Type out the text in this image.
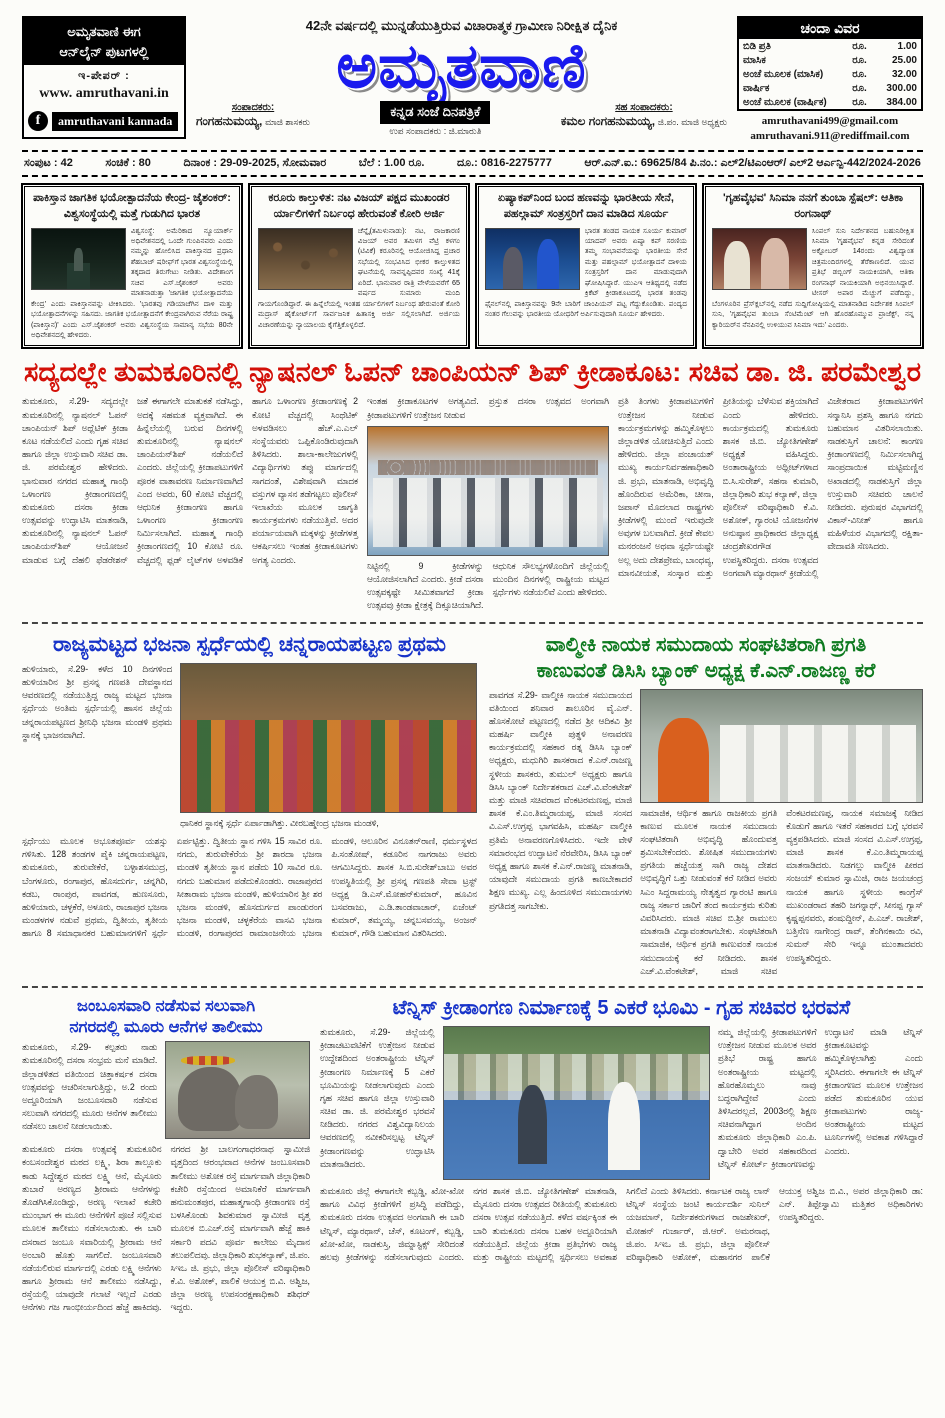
ಅಮೃತವಾಣಿ ಈಗ
ಆನ್‌ಲೈನ್ ಪುಟಗಳಲ್ಲಿ
ಇ-ಪೇಪರ್ :
www. amruthavani.in
f	amruthavani kannada
42ನೇ ವರ್ಷದಲ್ಲಿ ಮುನ್ನಡೆಯುತ್ತಿರುವ ವಿಚಾರಾತ್ಮಕ ಗ್ರಾಮೀಣ ನಿರೀಕ್ಷಿತ ದೈನಿಕ
ಅಮೃತವಾಣಿ
ಸಂಪಾದಕರು:
ಗಂಗಹನುಮಯ್ಯ, ಮಾಜಿ ಶಾಸಕರು
ಕನ್ನಡ ಸಂಜೆ ದಿನಪತ್ರಿಕೆ
ಉಪ ಸಂಪಾದಕರು : ಜಿ.ಮಾರುತಿ
ಸಹ ಸಂಪಾದಕರು:
ಕಮಲ ಗಂಗಹನುಮಯ್ಯ, ಜಿ.ಪಂ. ಮಾಜಿ ಅಧ್ಯಕ್ಷರು
ಚಂದಾ ವಿವರ
ಬಿಡಿ ಪ್ರತಿ	ರೂ.	1.00
ಮಾಸಿಕ	ರೂ.	25.00
ಅಂಚೆ ಮೂಲಕ (ಮಾಸಿಕ)	ರೂ.	32.00
ವಾರ್ಷಿಕ	ರೂ.	300.00
ಅಂಚೆ ಮೂಲಕ (ವಾರ್ಷಿಕ)	ರೂ.	384.00
amruthavani499@gmail.com
amruthavani.911@rediffmail.com
ಸಂಪುಟ : 42	ಸಂಚಿಕೆ : 80	ದಿನಾಂಕ : 29-09-2025, ಸೋಮವಾರ	ಬೆಲೆ : 1.00 ರೂ.	ದೂ.: 0816-2275777	ಆರ್.ಎನ್.ಐ.: 69625/84 ಪಿ.ನಂ.: ಎಲ್2/ಟಿಎಂಆರ್/ ಎಲ್2 ಆರ್ಎನ್ಪಿ-442/2024-2026
ಪಾಕಿಸ್ತಾನ ಜಾಗತಿಕ ಭಯೋತ್ಪಾದನೆಯ ಕೇಂದ್ರ- ಜೈಶಂಕರ್: ವಿಶ್ವಸಂಸ್ಥೆಯಲ್ಲಿ ಮತ್ತೆ ಗುಡುಗಿದ ಭಾರತ
ವಿಶ್ವಸಂಸ್ಥೆ: ಅಮೆರಿಕಾದ ನ್ಯೂಯಾರ್ಕ್ ಅಧಿವೇಶನದಲ್ಲಿ ಒಂದೇ ಗುಂಪಿನವರು ಎಂದು ನಮ್ಮನ್ನು ಹೋಲಿಸಿದ ಪಾಕಿಸ್ತಾನದ ಪ್ರಧಾನಿ ಶೆಹಬಾಜ್ ಷರೀಫ್‌ಗೆ ಭಾರತ ವಿಶ್ವಸಂಸ್ಥೆಯಲ್ಲಿ ತಕ್ಕದಾದ ತಿರುಗೇಟು ನೀಡಿತು. ವಿದೇಶಾಂಗ ಸಚಿವ ಎಸ್.ಜೈಶಂಕರ್ ಅವರು ಮಾತನಾಡುತ್ತಾ 'ಜಾಗತಿಕ ಭಯೋತ್ಪಾದನೆಯ ಕೇಂದ್ರ' ಎಂದು ಪಾಕಿಸ್ತಾನವನ್ನು ಟೀಕಿಸಿದರು. 'ಭಾರತವು ಗಡಿಯಾಚೆಗಿನ ದಾಳಿ ಮತ್ತು ಭಯೋತ್ಪಾದನೆಗಳನ್ನು ಸಹಿಸದು. ಜಾಗತಿಕ ಭಯೋತ್ಪಾದನೆಗೆ ಕೇಂದ್ರವಾಗಿರುವ ನೆರೆಯ ರಾಷ್ಟ್ರ (ಪಾಕಿಸ್ತಾನ)' ಎಂದು ಎಸ್.ಜೈಶಂಕರ್ ಅವರು ವಿಶ್ವಸಂಸ್ಥೆಯ ಸಾಮಾನ್ಯ ಸಭೆಯ 80ನೇ ಅಧಿವೇಶನದಲ್ಲಿ ಹೇಳಿದರು.
ಕರೂರು ಕಾಲ್ತುಳಿತ: ನಟ ವಿಜಯ್ ಪಕ್ಷದ ಮುಖಂಡರ ರ್ಯಾಲಿಗಳಿಗೆ ನಿರ್ಬಂಧ ಹೇರುವಂತೆ ಕೋರಿ ಅರ್ಜಿ
ಚೆನ್ನೈ(ತಮಿಳುನಾಡು): ನಟ, ರಾಜಕಾರಣಿ ವಿಜಯ್ ಅವರ ತಮಿಳಗ ವೆಟ್ರಿ ಕಳಗಂ (ಟಿವಿಕೆ) ಕರೂರಿನಲ್ಲಿ ಆಯೋಜಿಸಿದ್ದ ಪ್ರಚಾರ ಸಭೆಯಲ್ಲಿ ಸಂಭವಿಸಿದ ಭೀಕರ ಕಾಲ್ತುಳಿತದ ಘಟನೆಯಲ್ಲಿ ಸಾವನ್ನಪ್ಪಿದವರ ಸಂಖ್ಯೆ 41ಕ್ಕೆ ಏರಿದೆ. ಭಾನುವಾರ ರಾತ್ರಿ ವೇಳೆಯವರೆಗೆ 65 ವರ್ಷದ ಸುಮಾರು ಮಂದಿ ಗಾಯಗೊಂಡಿದ್ದಾರೆ. ಈ ಹಿನ್ನೆಲೆಯಲ್ಲಿ ಇಂತಹ ರ್ಯಾಲಿಗಳಿಗೆ ನಿರ್ಬಂಧ ಹೇರುವಂತೆ ಕೋರಿ ಮದ್ರಾಸ್ ಹೈಕೋರ್ಟ್‌ಗೆ ಸಾರ್ವಜನಿಕ ಹಿತಾಸಕ್ತಿ ಅರ್ಜಿ ಸಲ್ಲಿಸಲಾಗಿದೆ. ಅರ್ಜಿಯ ವಿಚಾರಣೆಯನ್ನು ನ್ಯಾಯಾಲಯ ಕೈಗೆತ್ತಿಕೊಳ್ಳಲಿದೆ.
ಏಷ್ಯಾಕಪ್‌ನಿಂದ ಬಂದ ಹಣವನ್ನು ಭಾರತೀಯ ಸೇನೆ, ಪಹಲ್ಗಾಮ್ ಸಂತ್ರಸ್ತರಿಗೆ ದಾನ ಮಾಡಿದ ಸೂರ್ಯ
ಭಾರತ ತಂಡದ ನಾಯಕ ಸೂರ್ಯ ಕುಮಾರ್ ಯಾದವ್ ಅವರು ಏಷ್ಯಾ ಕಪ್ ಸರಣಿಯ ತಮ್ಮ ಸಂಭಾವನೆಯನ್ನು ಭಾರತೀಯ ಸೇನೆ ಮತ್ತು ಪಹಲ್ಗಾಮ್ ಭಯೋತ್ಪಾದನೆ ದಾಳಿಯ ಸಂತ್ರಸ್ತರಿಗೆ ದಾನ ಮಾಡುವುದಾಗಿ ಘೋಷಿಸಿದ್ದಾರೆ. ಯುಎಇ ಆತಿಥ್ಯದಲ್ಲಿ ನಡೆದ ಕ್ರಿಕೆಟ್ ಕ್ರೀಡಾಕೂಟದಲ್ಲಿ ಭಾರತ ತಂಡವು ಫೈನಲ್‌ನಲ್ಲಿ ಪಾಕಿಸ್ತಾನವನ್ನು 9ನೇ ಬಾರಿಗೆ ಚಾಂಪಿಯನ್ ಪಟ್ಟ ಗೆದ್ದುಕೊಂಡಿತು. ಪಂದ್ಯದ ನಂತರ ಗೆಲುವನ್ನು ಭಾರತೀಯ ಯೋಧರಿಗೆ ಅರ್ಪಿಸುವುದಾಗಿ ಸೂರ್ಯ ಹೇಳಿದರು.
'ಗೃಹವೈಭವ' ಸಿನಿಮಾ ನನಗೆ ತುಂಬಾ ಸ್ಪೆಷಲ್: ಆತಿಕಾ ರಂಗನಾಥ್
ಸಿಂಪಲ್ ಸುನಿ ನಿರ್ದೇಶನದ ಬಹುನಿರೀಕ್ಷಿತ ಸಿನಿಮಾ 'ಗೃಹವೈಭವ' ಕನ್ನಡ ಸೇರಿದಂತೆ ಅಕ್ಟೋಬರ್ 14ರಂದು ವಿಶ್ವದ್ಯಾಂತ ಚಿತ್ರಮಂದಿರಗಳಲ್ಲಿ ತೆರೆಕಾಣಲಿದೆ. ಯುವ ಪ್ರತಿಭೆ ಡಬ್ಬಿಂಗ್ ನಾಯಕಿಯಾಗಿ, ಆತಿಕಾ ರಂಗನಾಥ್ ನಾಯಕಿಯಾಗಿ ಅಭಿನಯಿಸಿದ್ದಾರೆ. ಟೀಸರ್ ಅಪಾರ ಮೆಚ್ಚುಗೆ ಪಡೆದಿದ್ದು, ಬೆಂಗಳೂರಿನ ಪ್ರೆಸ್‌ಕ್ಲಬ್‌ನಲ್ಲಿ ನಡೆದ ಸುದ್ದಿಗೋಷ್ಠಿಯಲ್ಲಿ ಮಾತನಾಡಿದ ನಿರ್ದೇಶಕ ಸಿಂಪಲ್ ಸುನಿ, 'ಗೃಹವೈಭವ ತುಂಬಾ ಸೆಂಟಿಮೆಂಟ್ ಆಗಿ ಹೊರಹೊಮ್ಮುವ ಪ್ರಾಜೆಕ್ಟ್, ನನ್ನ ಕ್ಯಾರಿಯರ್‌ನ ನೆನಪಿನಲ್ಲಿ ಉಳಿಯುವ ಸಿನಿಮಾ ಇದು' ಎಂದರು.
ಸದ್ಯದಲ್ಲೇ ತುಮಕೂರಿನಲ್ಲಿ ನ್ಯಾಷನಲ್ ಓಪನ್ ಚಾಂಪಿಯನ್ ಶಿಪ್ ಕ್ರೀಡಾಕೂಟ: ಸಚಿವ ಡಾ. ಜಿ. ಪರಮೇಶ್ವರ
ತುಮಕೂರು, ಸೆ.29- ಸದ್ಯದಲ್ಲೇ ತುಮಕೂರಿನಲ್ಲಿ ನ್ಯಾಷನಲ್ ಓಪನ್ ಚಾಂಪಿಯನ್ ಶಿಪ್ ಅಥ್ಲೆಟಿಕ್ ಕ್ರೀಡಾ ಕೂಟ ನಡೆಯಲಿದೆ ಎಂದು ಗೃಹ ಸಚಿವ ಹಾಗೂ ಜಿಲ್ಲಾ ಉಸ್ತುವಾರಿ ಸಚಿವ ಡಾ. ಜಿ. ಪರಮೇಶ್ವರ ಹೇಳಿದರು. ಭಾನುವಾರ ನಗರದ ಮಹಾತ್ಮ ಗಾಂಧಿ ಒಳಾಂಗಣ ಕ್ರೀಡಾಂಗಣದಲ್ಲಿ ತುಮಕೂರು ದಸರಾ ಕ್ರೀಡಾ ಉತ್ಸವವನ್ನು ಉದ್ಘಾಟಿಸಿ ಮಾತನಾಡಿ, ತುಮಕೂರಿನಲ್ಲಿ ನ್ಯಾಷನಲ್ ಓಪನ್ ಚಾಂಪಿಯನ್‌ಶಿಪ್ ಆಯೋಜನೆ ಮಾಡುವ ಬಗ್ಗೆ ದೆಹಲಿ ಫೆಡರೇಶನ್ ಜತೆ ಈಗಾಗಲೇ ಮಾತುಕತೆ ನಡೆಸಿದ್ದು, ಅದಕ್ಕೆ ಸಹಮತ ವ್ಯಕ್ತವಾಗಿದೆ. ಈ ಹಿನ್ನೆಲೆಯಲ್ಲಿ ಬರುವ ದಿನಗಳಲ್ಲಿ ತುಮಕೂರಿನಲ್ಲಿ ನ್ಯಾಷನಲ್ ಚಾಂಪಿಯನ್‌ಶಿಪ್ ನಡೆಯಲಿದೆ ಎಂದರು. ಜಿಲ್ಲೆಯಲ್ಲಿ ಕ್ರೀಡಾಪಟುಗಳಿಗೆ ಪೂರಕ ವಾತಾವರಣ ನಿರ್ಮಾಣವಾಗಿದೆ ಎಂದ ಅವರು, 60 ಕೋಟಿ ವೆಚ್ಚದಲ್ಲಿ ಆಧುನಿಕ ಕ್ರೀಡಾಂಗಣ ಹಾಗೂ ಒಳಾಂಗಣ ಕ್ರೀಡಾಂಗಣ ನಿರ್ಮಿಸಲಾಗಿದೆ. ಮಹಾತ್ಮ ಗಾಂಧಿ ಕ್ರೀಡಾಂಗಣದಲ್ಲಿ 10 ಕೋಟಿ ರೂ. ವೆಚ್ಚದಲ್ಲಿ ಫ್ಲಡ್ ಲೈಟ್‌ಗಳ ಅಳವಡಿಕೆ ಹಾಗೂ ಒಳಾಂಗಣ ಕ್ರೀಡಾಂಗಣಕ್ಕೆ 2 ಕೋಟಿ ವೆಚ್ಚದಲ್ಲಿ ಸಿಂಥೆಟಿಕ್ ಅಳವಡಿಸಲು ಹೆಚ್.ಎ.ಎಲ್ ಸಂಸ್ಥೆಯವರು ಒಪ್ಪಿಕೊಂಡಿರುವುದಾಗಿ ತಿಳಿಸಿದರು. ಶಾಲಾ-ಕಾಲೇಜುಗಳಲ್ಲಿ ವಿದ್ಯಾರ್ಥಿಗಳು ತಪ್ಪು ಮಾರ್ಗದಲ್ಲಿ ಸಾಗದಂತೆ, ವಿಶೇಷವಾಗಿ ಮಾದಕ ವಸ್ತುಗಳ ವ್ಯಾಸನ ತಡೆಗಟ್ಟಲು ಪೊಲೀಸ್ ಇಲಾಖೆಯ ಮೂಲಕ ಜಾಗೃತಿ ಕಾರ್ಯಕ್ರಮಗಳು ನಡೆಯುತ್ತಿವೆ. ಅದರ ಪರ್ಯಾಯವಾಗಿ ಮಕ್ಕಳನ್ನು ಕ್ರೀಡೆಗಳತ್ತ ಆಕರ್ಷಿಸಲು ಇಂತಹ ಕ್ರೀಡಾಕೂಟಗಳು ಅಗತ್ಯ ಎಂದರು.
ಇಂತಹ ಕ್ರೀಡಾಕೂಟಗಳ ಅಗತ್ಯವಿದೆ. ಪ್ರಸ್ತುತ ದಸರಾ ಉತ್ಸವದ ಅಂಗವಾಗಿ ಕ್ರೀಡಾಪಟುಗಳಿಗೆ ಉತ್ತೇಜನ ನೀಡುವ
ನಿಟ್ಟಿನಲ್ಲಿ 9 ಕ್ರೀಡೆಗಳನ್ನು ಆಯೋಜಿಸಲಾಗಿದೆ ಎಂದರು. ಕ್ರೀಡೆ ದಸರಾ ಉತ್ಸವಕ್ಕಷ್ಟೇ ಸೀಮಿತವಾಗದೆ ಕ್ರೀಡಾ ಉತ್ಸವವು ಕ್ರೀಡಾ ಕ್ಷೇತ್ರಕ್ಕೆ ದಿಕ್ಸೂಚಿಯಾಗಿದೆ. ಆಧುನಿಕ ಸೌಲಭ್ಯಗಳೊಂದಿಗೆ ಜಿಲ್ಲೆಯಲ್ಲಿ ಮುಂದಿನ ದಿನಗಳಲ್ಲಿ ರಾಷ್ಟ್ರೀಯ ಮಟ್ಟದ ಸ್ಪರ್ಧೆಗಳು ನಡೆಯಲಿವೆ ಎಂದು ಹೇಳಿದರು.
ಪ್ರತಿ ತಿಂಗಳು ಕ್ರೀಡಾಪಟುಗಳಿಗೆ ಉತ್ತೇಜನ ನೀಡುವ ಕಾರ್ಯಕ್ರಮಗಳನ್ನು ಹಮ್ಮಿಕೊಳ್ಳಲು ಜಿಲ್ಲಾಡಳಿತ ಯೋಚಿಸುತ್ತಿದೆ ಎಂದು ಹೇಳಿದರು. ಜಿಲ್ಲಾ ಪಂಚಾಯತ್ ಮುಖ್ಯ ಕಾರ್ಯನಿರ್ವಹಣಾಧಿಕಾರಿ ಜಿ. ಪ್ರಭು, ಮಾತನಾಡಿ, ಅಭಿವೃದ್ಧಿ ಹೊಂದಿರುವ ಅಮೆರಿಕಾ, ಚೀನಾ, ಜಪಾನ್ ಮೊದಲಾದ ರಾಷ್ಟ್ರಗಳು ಕ್ರೀಡೆಗಳಲ್ಲಿ ಮುಂದೆ ಇರುವುದೇ ಅವುಗಳ ಬಲವಾಗಿದೆ. ಕ್ರೀಡೆ ಕೇವಲ ಮನರಂಜನೆ ಅಥವಾ ಸ್ಪರ್ಧೆಯಷ್ಟೇ ಅಲ್ಲ ಅದು ದೇಶಪ್ರೇಮ, ಬಾಂಧವ್ಯ, ಮಾನವೀಯತೆ, ಸಂಸ್ಕಾರ ಮತ್ತು ಪ್ರೀತಿಯನ್ನು ಬೆಳೆಸುವ ಶಕ್ತಿಯಾಗಿದೆ ಎಂದು ಹೇಳಿದರು. ಕಾರ್ಯಕ್ರಮದಲ್ಲಿ ತುಮಕೂರು ಶಾಸಕ ಜಿ.ಬಿ. ಜ್ಯೋತಿಗಣೇಶ್ ಅಧ್ಯಕ್ಷತೆ ವಹಿಸಿದ್ದರು. ಅಂತಾರಾಷ್ಟ್ರೀಯ ಅಥ್ಲೀಟ್‌ಗಳಾದ ಬಿ.ಸಿ.ಸುರೇಶ್, ಸಹನಾ ಕುಮಾರಿ, ಜಿಲ್ಲಾಧಿಕಾರಿ ಶುಭ ಕಲ್ಯಾಣ್, ಜಿಲ್ಲಾ ಪೊಲೀಸ್ ವರಿಷ್ಠಾಧಿಕಾರಿ ಕೆ.ವಿ. ಅಶೋಕ್, ಗ್ಯಾರಂಟಿ ಯೋಜನೆಗಳ ಅನುಷ್ಠಾನ ಪ್ರಾಧಿಕಾರದ ಜಿಲ್ಲಾಧ್ಯಕ್ಷ ಚಂದ್ರಶೇಖರಗೌಡ ಉಪಸ್ಥಿತರಿದ್ದರು. ದಸರಾ ಉತ್ಸವದ ಅಂಗವಾಗಿ ಮ್ಯಾರಥಾನ್ ಕ್ರೀಡೆಯಲ್ಲಿ ವಿಜೇತರಾದ ಕ್ರೀಡಾಪಟುಗಳಿಗೆ ಸನ್ಮಾನಿಸಿ ಪ್ರಶಸ್ತಿ ಹಾಗೂ ನಗದು ಬಹುಮಾನ ವಿತರಿಸಲಾಯಿತು. ನಾಡಕುಸ್ತಿಗೆ ಚಾಲನೆ: ಕಾಂಗಣ ಕ್ರೀಡಾಂಗಣದಲ್ಲಿ ನಿರ್ಮಿಸಲಾಗಿದ್ದ ಸಾಂಪ್ರದಾಯಿಕ ಮಟ್ಟಿಮಣ್ಣಿನ ಅಖಾಡದಲ್ಲಿ ನಾಡಕುಸ್ತಿಗೆ ಜಿಲ್ಲಾ ಉಸ್ತುವಾರಿ ಸಚಿವರು ಚಾಲನೆ ನೀಡಿದರು. ಪುರುಷರ ವಿಭಾಗದಲ್ಲಿ ವಿಕಾಸ್-ವಿನೀತ್ ಹಾಗೂ ಮಹಿಳೆಯರ ವಿಭಾಗದಲ್ಲಿ ರಕ್ಷಿತಾ-ವೇದಾವತಿ ಸೆಣಸಿದರು.
ರಾಜ್ಯಮಟ್ಟದ ಭಜನಾ ಸ್ಪರ್ಧೆಯಲ್ಲಿ ಚನ್ನರಾಯಪಟ್ಟಣ ಪ್ರಥಮ
ಹುಳಿಯಾರು, ಸೆ.29- ಕಳೆದ 10 ದಿನಗಳಿಂದ ಹುಳಿಯಾರಿನ ಶ್ರೀ ಪ್ರಸನ್ನ ಗಣಪತಿ ದೇವಸ್ಥಾನದ ಆವರಣದಲ್ಲಿ ನಡೆಯುತ್ತಿದ್ದ ರಾಜ್ಯ ಮಟ್ಟದ ಭಜನಾ ಸ್ಪರ್ಧೆಯ ಅಂತಿಮ ಸ್ಪರ್ಧೆಯಲ್ಲಿ ಹಾಸನ ಜಿಲ್ಲೆಯ ಚನ್ನರಾಯಪಟ್ಟಣದ ಶ್ರೀನಿಧಿ ಭಜನಾ ಮಂಡಳಿ ಪ್ರಥಮ ಸ್ಥಾನಕ್ಕೆ ಭಾಜನವಾಗಿದೆ.
ಧಾನಿಕರ ಸ್ಥಾನಕ್ಕೆ ಸ್ಪರ್ಧೆ ಏರ್ಪಾಡಾಗಿತ್ತು. ವೀರಬಹ್ಮೇಂದ್ರ ಭಜನಾ ಮಂಡಳಿ,
ಸ್ಪರ್ಧೆಯು ಮೂಲಕ ಅಭೂತಪೂರ್ವ ಯಶಸ್ಸು ಗಳಿಸಿತು. 128 ತಂಡಗಳ ಪೈಕಿ ಚನ್ನರಾಯಪಟ್ಟಣ, ತುಮಕೂರು, ತುರುವೇಕೆರೆ, ಬಳ್ಳಾಶಸಮುದ್ರ, ಬೆಂಗಳೂರು, ರಂಗಾಪುರ, ಹೊಸದುರ್ಗ, ಚನ್ನಗಿರಿ, ಕಡಬ, ರಾಂಪುರ, ಪಾವಗಡ, ಹುಣಸೂರು, ಹುಳಿಯಾರು, ಚಳ್ಳಕೆರೆ, ಅಳೂರು, ರಾಜಾಪುರ ಭಜನಾ ಮಂಡಳಗಳ ನಡುವೆ ಪ್ರಥಮ, ದ್ವಿತೀಯ, ತೃತೀಯ ಹಾಗೂ 8 ಸಮಾಧಾನಕರ ಬಹುಮಾನಗಳಿಗೆ ಸ್ಪರ್ಧೆ ಏರ್ಪಟ್ಟಿತ್ತು. ದ್ವಿತೀಯ ಸ್ಥಾನ ಗಳಿಸಿ 15 ಸಾವಿರ ರೂ. ನಗದು, ತುರುವೇಕೆರೆಯ ಶ್ರೀ ಶಾರದಾ ಭಜನಾ ಮಂಡಳಿ ತೃತೀಯ ಸ್ಥಾನ ಪಡೆದು 10 ಸಾವಿರ ರೂ. ನಗದು ಬಹುಮಾನ ಪಡೆದುಕೊಂಡರು. ರಾಜಾಪುರದ ಸೀತಾರಾಮ ಭಜನಾ ಮಂಡಳಿ, ಹುಳಿಯಾರಿನ ಶ್ರೀ ಶರ ಭಜನಾ ಮಂಡಳಿ, ಹೊಸದುರ್ಗದ ಪಾಂಡುರಂಗ ಭಜನಾ ಮಂಡಳಿ, ಚಳ್ಳಕೆರೆಯ ವಾಸವಿ ಭಜನಾ ಮಂಡಳಿ, ರಂಗಾಪುರದ ರಾಮಾಂಜನೇಯ ಭಜನಾ ಮಂಡಳಿ, ಆಲೂರಿನ ವಿನೂತನ್‌ರಾಣಿ, ಧರ್ಮಸ್ಥಳದ ಪಿ.ಸಂತೋಷ್, ಕಡೂರಿನ ನಾಗರಾಜು ಅವರು ಆಗಮಿಸಿದ್ದರು. ಶಾಸಕ ಸಿ.ಬಿ.ಸುರೇಶ್‌ಬಾಬು ಅವರ ಉಪಸ್ಥಿತಿಯಲ್ಲಿ ಶ್ರೀ ಪ್ರಸನ್ನ ಗಣಪತಿ ಸೇವಾ ಟ್ರಸ್ಟ್ ಅಧ್ಯಕ್ಷ ಡಿ.ಎಸ್.ಮೋಹನ್‌ಕುಮಾರ್, ಹೂವಿನ ಬಸವರಾಜು, ಎ.ಡಿ.ತಾಂಡವಾಚಾರ್, ಏಜೆಂಟ್ ಕುಮಾರ್, ತಮ್ಮಯ್ಯ, ಚನ್ನಬಸವಯ್ಯ, ಅಂಜನ್ ಕುಮಾರ್, ಗೌಡಿ ಬಹುಮಾನ ವಿತರಿಸಿದರು.
ವಾಲ್ಮೀಕಿ ನಾಯಕ ಸಮುದಾಯ ಸಂಘಟಿತರಾಗಿ ಪ್ರಗತಿ
ಕಾಣುವಂತೆ ಡಿಸಿಸಿ ಬ್ಯಾಂಕ್ ಅಧ್ಯಕ್ಷ ಕೆ.ಎನ್.ರಾಜಣ್ಣ ಕರೆ
ಪಾವಗಡ ಸೆ.29- ವಾಲ್ಮೀಕಿ ನಾಯಕ ಸಮುದಾಯದ ವತಿಯಿಂದ ಶನಿವಾರ ಶಾಲೂರಿನ ವೈ.ಎನ್. ಹೊಸಕೋಟೆ ಪಟ್ಟಣದಲ್ಲಿ ನಡೆದ ಶ್ರೀ ಆದಿಕವಿ ಶ್ರೀ ಮಹರ್ಷಿ ವಾಲ್ಮೀಕಿ ಪುತ್ಥಳಿ ಅನಾವರಣ ಕಾರ್ಯಕ್ರಮದಲ್ಲಿ ಸಹಕಾರ ರತ್ನ ಡಿಸಿಸಿ ಬ್ಯಾಂಕ್ ಅಧ್ಯಕ್ಷರು, ಮಧುಗಿರಿ ಶಾಸಕರಾದ ಕೆ.ಎನ್.ರಾಜಣ್ಣ ಸ್ಥಳೀಯ ಶಾಸಕರು, ತುಮುಲ್ ಅಧ್ಯಕ್ಷರು ಹಾಗೂ ಡಿಸಿಸಿ ಬ್ಯಾಂಕ್ ನಿರ್ದೇಶಕರಾದ ಎಚ್.ವಿ.ವೆಂಕಟೇಶ್ ಮತ್ತು ಮಾಜಿ ಸಚಿವರಾದ ವೆಂಕಟರಮಣಪ್ಪ, ಮಾಜಿ ಶಾಸಕ ಕೆ.ಎಂ.ತಿಮ್ಮರಾಯಪ್ಪ, ಮಾಜಿ ಸಂಸದ ವಿ.ಎಸ್.ಉಗ್ರಪ್ಪ ಭಾಗವಹಿಸಿ, ಮಹರ್ಷಿ ವಾಲ್ಮೀಕಿ ಪ್ರತಿಮೆ ಅನಾವರಣಗೊಳಿಸಿದರು. ಇದೇ ವೇಳೆ ಸಮಾರಂಭದ ಉದ್ಘಾಟನೆ ನೆರವೇರಿಸಿ, ಡಿಸಿಸಿ ಬ್ಯಾಂಕ್ ಅಧ್ಯಕ್ಷ ಹಾಗೂ ಶಾಸಕ ಕೆ.ಎನ್.ರಾಜಣ್ಣ ಮಾತನಾಡಿ, ಯಾವುದೇ ಸಮುದಾಯ ಪ್ರಗತಿ ಕಾಣಬೇಕಾದರೆ ಶಿಕ್ಷಣ ಮುಖ್ಯ. ಎಲ್ಲ ಹಿಂದೂಳಿದ ಸಮುದಾಯಗಳು ಪ್ರಗತಿದತ್ತ ಸಾಗಬೇಕು.
ಸಾಮಾಜಿಕ, ಆರ್ಥಿಕ ಹಾಗೂ ರಾಜಕೀಯ ಪ್ರಗತಿ ಕಾಣುವ ಮೂಲಕ ನಾಯಕ ಸಮುದಾಯ ಸಂಘಟಿತರಾಗಿ ಅಭಿವೃದ್ಧಿ ಹೊಂದುವತ್ತ ಶ್ರಮಿಸಬೇಕೆಂದರು. ಶೋಷಿತ ಸಮುದಾಯಗಳು ಪ್ರಗತಿಯ ಹಚ್ಚೆಯತ್ತ ಸಾಗಿ ರಾಜ್ಯ ದೇಶದ ಅಭಿವೃದ್ಧಿಗೆ ಒತ್ತು ನೀಡುವಂತೆ ಕರೆ ನೀಡಿದ ಅವರು ಸಿಎಂ ಸಿದ್ದರಾಮಯ್ಯ ನೇತೃತ್ವದ ಗ್ಯಾರಂಟಿ ಹಾಗೂ ರಾಜ್ಯ ಸರ್ಕಾರ ಜಾರಿಗೆ ತಂದ ಕಾರ್ಯಕ್ರಮ ಕುರಿತು ವಿವರಿಸಿದರು. ಮಾಜಿ ಸಚಿವ ಬಿ.ಶ್ರೀ ರಾಮುಲು ಮಾತನಾಡಿ ವಿದ್ಯಾವಂತರಾಗಬೇಕು. ಸಂಘಟಿತರಾಗಿ ಸಾಮಾಜಿಕ, ಆರ್ಥಿಕ ಪ್ರಗತಿ ಕಾಣುವಂತೆ ನಾಯಕ ಸಮುದಾಯಕ್ಕೆ ಕರೆ ನೀಡಿದರು. ಶಾಸಕ ಎಚ್.ವಿ.ವೆಂಕಟೇಶ್, ಮಾಜಿ ಸಚಿವ ವೆಂಕಟರಮಣಪ್ಪ, ನಾಯಕ ಸಮಾಜಕ್ಕೆ ನೀಡಿದ ಕೊಡುಗೆ ಹಾಗೂ ಇತರೆ ಸಹಕಾರದ ಬಗ್ಗೆ ಭರವಸೆ ವ್ಯಕ್ತಪಡಿಸಿದರು. ಮಾಜಿ ಸಂಸದ ವಿ.ಎಸ್.ಉಗ್ರಪ್ಪ, ಮಾಜಿ ಶಾಸಕ ಕೆ.ಎಂ.ತಿಮ್ಮರಾಯಪ್ಪ ಮಾತನಾಡಿದರು. ನಿಡಗಲ್ಲು ವಾಲ್ಮೀಕಿ ಪೀಠದ ಸಂಜಯ್ ಕುಮಾರ ಸ್ವಾಮಿಜಿ, ರಾಜ ಜಯಚಂದ್ರ ನಾಯಕ ಹಾಗೂ ಸ್ಥಳೀಯ ಕಾಂಗ್ರೆಸ್ ಮುಖಂಡರಾದ ತಹರಿ ಜಗನ್ನಾಥ್, ಸೀನಪ್ಪ ಗ್ಯಾಸ್ ಕೃಷ್ಣಪ್ಪನವರು, ಶಂಷುದ್ದೀನ್, ಪಿ.ಎಚ್. ರಾಜೇಶ್, ಬತ್ತಿನೆಣ ನಾಗೇಂದ್ರ ರಾವ್, ತೆಂಗಿನಕಾಯಿ ರವಿ, ಸುಮನ್ ಸೇರಿ ಇನ್ನೂ ಮುಂತಾದವರು ಉಪಸ್ಥಿತರಿದ್ದರು.
ಜಂಬೂಸವಾರಿ ನಡೆಸುವ ಸಲುವಾಗಿ
ನಗರದಲ್ಲಿ ಮೂರು ಆನೆಗಳ ತಾಲೀಮು
ತುಮಕೂರು, ಸೆ.29- ಕಲ್ಪತರು ನಾಡು ತುಮಕೂರಿನಲ್ಲಿ ದಸರಾ ಸಂಭ್ರಮ ಮನೆ ಮಾಡಿದೆ. ಜಿಲ್ಲಾಡಳಿತದ ವತಿಯಿಂದ ಚಿತ್ತಾಕರ್ಷಕ ದಸರಾ ಉತ್ಸವವನ್ನು ಆಚರಿಸಲಾಗುತ್ತಿದ್ದು, ಅ.2 ರಂದು ಅದ್ದೂರಿಯಾಗಿ ಜಂಬೂಸವಾರಿ ನಡೆಸುವ ಸಲುವಾಗಿ ನಗರದಲ್ಲಿ ಮೂರು ಆನೆಗಳ ತಾಲೀಮು ನಡೆಸಲು ಚಾಲನೆ ನೀಡಲಾಯಿತು.
ತುಮಕೂರು ದಸರಾ ಉತ್ಸವಕ್ಕೆ ತುಮಕೂರಿನ ಕಂಬಸಂದೇಶ್ವರ ಮಠದ ಲಕ್ಷ್ಮಿ, ಶಿರಾ ತಾಲ್ಲೂಕು ಕಾಡು ಸಿದ್ದೇಶ್ವರ ಮಠದ ಲಕ್ಷ್ಮಿ ಆನೆ, ಮೈಸೂರು ತುಬಾರೆ ಅರಣ್ಯದ ಶ್ರೀರಾಮ ಆನೆಗಳನ್ನು ತೊಡಗಿಸಿಕೊಂಡಿದ್ದು, ಅರಣ್ಯ ಇಲಾಖೆ ಕಚೇರಿ ಮುಂಭಾಗ ಈ ಮೂರು ಆನೆಗಳಿಗೆ ಪೂಜೆ ಸಲ್ಲಿಸುವ ಮೂಲಕ ತಾಲೀಮು ನಡೆಸಲಾಯಿತು. ಈ ಬಾರಿ ದಸರಾದ ಜಂಬೂ ಸವಾರಿಯಲ್ಲಿ ಶ್ರೀರಾಮ ಆನೆ ಅಂಬಾರಿ ಹೊತ್ತು ಸಾಗಲಿದೆ. ಜಂಬೂಸವಾರಿ ನಡೆಯಲಿರುವ ಮಾರ್ಗದಲ್ಲಿ ಎರಡು ಲಕ್ಷ್ಮಿ ಆನೆಗಳು ಹಾಗೂ ಶ್ರೀರಾಮ ಆನೆ ತಾಲೀಮು ನಡೆಸಿದ್ದು, ರಸ್ತೆಯಲ್ಲಿ ಯಾವುದೇ ಗಲಾಟೆ ಇಲ್ಲದೆ ಎರಡು ಆನೆಗಳು ಗಜ ಗಾಂಭೀರ್ಯದಿಂದ ಹೆಜ್ಜೆ ಹಾಕಿದವು. ನಗರದ ಶ್ರೀ ಬಾಲಗಂಗಾಧರನಾಥ ಸ್ವಾಮೀಜಿ ವೃತ್ತದಿಂದ ಆರಂಭವಾದ ಆನೆಗಳ ಜಂಬೂಸವಾರಿ ತಾಲೀಮು ಅಶೋಕ ರಸ್ತೆ ಮಾರ್ಗವಾಗಿ ಜಿಲ್ಲಾಧಿಕಾರಿ ಕಚೇರಿ ರಸ್ತೆಯಿಂದ ಅಮಾನಿಕೆರೆ ಮಾರ್ಗವಾಗಿ ಹನುಮಂತಪುರ, ಮಹಾತ್ಮಗಾಂಧಿ ಕ್ರೀಡಾಂಗಣ ರಸ್ತೆ ಬಳಸಿಕೊಂಡು ಶಿವಕುಮಾರ ಸ್ವಾಮೀಜಿ ವೃತ್ತ ಮೂಲಕ ಬಿ.ಎಚ್.ರಸ್ತೆ ಮಾರ್ಗವಾಗಿ ಹೆಜ್ಜೆ ಹಾಕಿ ಸರ್ಕಾರಿ ಪದವಿ ಪೂರ್ವ ಕಾಲೇಜು ಮೈದಾನ ತಲುಪಲಿದವು. ಜಿಲ್ಲಾಧಿಕಾರಿ ಶುಭಕಲ್ಯಾಣ್, ಜಿ.ಪಂ. ಸಿಇಒ ಜಿ. ಪ್ರಭು, ಜಿಲ್ಲಾ ಪೊಲೀಸ್ ವರಿಷ್ಠಾಧಿಕಾರಿ ಕೆ.ವಿ. ಅಶೋಕ್, ಪಾಲಿಕೆ ಆಯುಕ್ತ ಬಿ.ವಿ. ಅಶ್ವಿಜ, ಜಿಲ್ಲಾ ಅರಣ್ಯ ಉಪಸಂರಕ್ಷಣಾಧಿಕಾರಿ ಶಶಿಧರ್ ಇದ್ದರು.
ಟೆನ್ನಿಸ್ ಕ್ರೀಡಾಂಗಣ ನಿರ್ಮಾಣಕ್ಕೆ 5 ಎಕರೆ ಭೂಮಿ - ಗೃಹ ಸಚಿವರ ಭರವಸೆ
ತುಮಕೂರು, ಸೆ.29- ಜಿಲ್ಲೆಯಲ್ಲಿ ಕ್ರೀಡಾಚಟುವಟಿಕೆಗೆ ಉತ್ತೇಜನ ನೀಡುವ ಉದ್ದೇಶದಿಂದ ಅಂತರಾಷ್ಟ್ರೀಯ ಟೆನ್ನಿಸ್ ಕ್ರೀಡಾಂಗಣ ನಿರ್ಮಾಣಕ್ಕೆ 5 ಎಕರೆ ಭೂಮಿಯನ್ನು ನೀಡಲಾಗುವುದು ಎಂದು ಗೃಹ ಸಚಿವ ಹಾಗೂ ಜಿಲ್ಲಾ ಉಸ್ತುವಾರಿ ಸಚಿವ ಡಾ. ಜಿ. ಪರಮೇಶ್ವರ ಭರವಸೆ ನೀಡಿದರು. ನಗರದ ವಿಶ್ವವಿದ್ಯಾನಿಲಯ ಆವರಣದಲ್ಲಿ ನವೀಕರಿಸಲ್ಪಟ್ಟ ಟೆನ್ನಿಸ್ ಕ್ರೀಡಾಂಗಣವನ್ನು ಉದ್ಘಾಟಿಸಿ ಮಾತನಾಡಿದರು.
ನಮ್ಮ ಜಿಲ್ಲೆಯಲ್ಲಿ ಕ್ರೀಡಾಪಟುಗಳಿಗೆ ಉತ್ತೇಜನ ನೀಡುವ ಮೂಲಕ ಅವರ ಪ್ರತಿಭೆ ರಾಷ್ಟ್ರ ಹಾಗೂ ಅಂತರಾಷ್ಟ್ರೀಯ ಮಟ್ಟದಲ್ಲಿ ಹೊರಹೊಮ್ಮಲು ನಾವು ಬದ್ಧರಾಗಿದ್ದೇವೆ ಎಂದು ತಿಳಿಸಿದರಲ್ಲದೆ, 2003ರಲ್ಲಿ ಶಿಕ್ಷಣ ಸಚಿವನಾಗಿದ್ದಾಗ ಅಂದಿನ ತುಮಕೂರು ಜಿಲ್ಲಾಧಿಕಾರಿ ಎಂ.ಪಿ. ದ್ವಾಬೇರಿ ಅವರ ಸಹಕಾರದಿಂದ ಟೆನ್ನಿಸ್ ಕೋರ್ಟ್ ಕ್ರೀಡಾಂಗಣವನ್ನು ಉದ್ಘಾಟನೆ ಮಾಡಿ ಟೆನ್ನಿಸ್ ಕ್ರೀಡಾಕೂಟವನ್ನು ಹಮ್ಮಿಕೊಳ್ಳಲಾಗಿತ್ತು ಎಂದು ಸ್ಮರಿಸಿದರು. ಈಗಾಗಲೇ ಈ ಟೆನ್ನಿಸ್ ಕ್ರೀಡಾಂಗಣದ ಮೂಲಕ ಉತ್ತೇಜನ ಪಡೆದ ತುಮಕೂರಿನ ಯುವ ಕ್ರೀಡಾಪಟುಗಳು ರಾಜ್ಯ-ಅಂತರಾಷ್ಟ್ರೀಯ ಮಟ್ಟದ ಟೂರ್ನಿಗಳಲ್ಲಿ ಅವಕಾಶ ಗಳಿಸಿದ್ದಾರೆ ಎಂದರು.
ತುಮಕೂರು ಜಿಲ್ಲೆ ಈಗಾಗಲೇ ಕಬ್ಬಡ್ಡಿ, ಖೋ-ಖೋ ಹಾಗೂ ವಿವಿಧ ಕ್ರೀಡೆಗಳಿಗೆ ಪ್ರಸಿದ್ಧಿ ಪಡೆದಿದ್ದು, ತುಮಕೂರು ದಸರಾ ಉತ್ಸವದ ಅಂಗವಾಗಿ ಈ ಬಾರಿ ಟೆನ್ನಿಸ್, ಮ್ಯಾರಥಾನ್, ಚೆಸ್, ಕೂಟಂಗ್, ಕಬ್ಬಡ್ಡಿ, ಖೋ-ಖೋ, ನಾಡಕುಸ್ತಿ, ಜಿಮ್ನಾಸ್ಟಿಕ್ಸ್ ಸೇರಿದಂತೆ ಹಲವು ಕ್ರೀಡೆಗಳನ್ನು ನಡೆಸಲಾಗುವುದು ಎಂದರು. ನಗರ ಶಾಸಕ ಜಿ.ಬಿ. ಜ್ಯೋತಿಗಣೇಶ್ ಮಾತನಾಡಿ, ಮೈಸೂರು ದಸರಾ ಉತ್ಸವದ ರೀತಿಯಲ್ಲಿ ತುಮಕೂರು ದಸರಾ ಉತ್ಸವ ನಡೆಯುತ್ತಿದೆ. ಕಳೆದ ವರ್ಷಕ್ಕಿಂತ ಈ ಬಾರಿ ತುಮಕೂರು ದಸರಾ ಬಹಳ ಅದ್ದೂರಿಯಾಗಿ ನಡೆಯುತ್ತಿದೆ. ಜಿಲ್ಲೆಯ ಕ್ರೀಡಾ ಪ್ರತಿಭೆಗಳು ರಾಜ್ಯ ಮತ್ತು ರಾಷ್ಟ್ರೀಯ ಮಟ್ಟದಲ್ಲಿ ಸ್ಪರ್ಧಿಸಲು ಅವಕಾಶ ಸಿಗಲಿದೆ ಎಂದು ತಿಳಿಸಿದರು. ಕರ್ನಾಟಕ ರಾಜ್ಯ ಲಾನ್ ಟೆನ್ನಿಸ್ ಸಂಸ್ಥೆಯ ಜಂಟಿ ಕಾರ್ಯದರ್ಶಿ ಸುನಿಲ್ ಯಜಮಾನ್, ನಿರ್ದೇಶಕರುಗಳಾದ ರಾಜಶೇಖರ್, ಮೋಹನ್ ಗುರ್ಜಾರ್, ಜಿ.ಆರ್. ಅಮರನಾಥ, ಜಿ.ಪಂ. ಸಿಇಒ ಜಿ. ಪ್ರಭು, ಜಿಲ್ಲಾ ಪೊಲೀಸ್ ವರಿಷ್ಠಾಧಿಕಾರಿ ಅಶೋಕ್, ಮಹಾನಗರ ಪಾಲಿಕೆ ಆಯುಕ್ತ ಅಶ್ವಿಜ ಬಿ.ವಿ., ಅಪರ ಜಿಲ್ಲಾಧಿಕಾರಿ ಡಾ: ಎನ್. ತಿಪ್ಪೇಸ್ವಾಮಿ ಮತ್ತಿತರ ಅಧಿಕಾರಿಗಳು ಉಪಸ್ಥಿತರಿದ್ದರು.
